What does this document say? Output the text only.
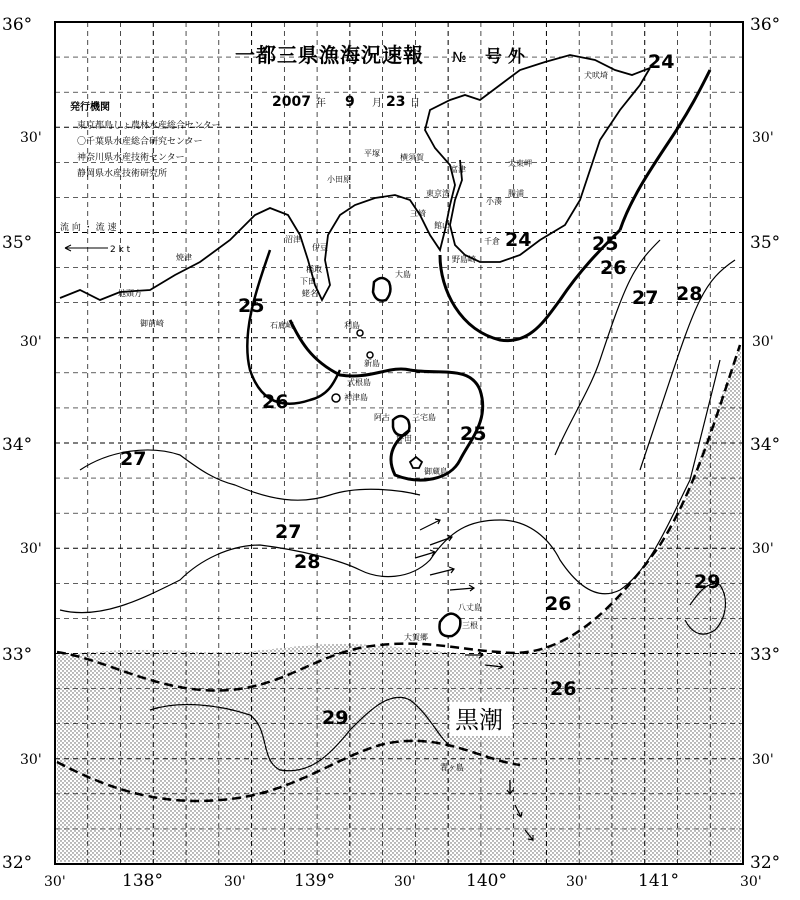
一都三県漁海況速報 № 号 外
2007 年 9 月 23 日
発行機関
東京都島しょ農林水産総合センター
〇千葉県水産総合研究センター
神奈川県水産技術センター
静岡県水産技術研究所
流 向 ・ 流 速
2 k t
黒潮
24
24	25
25
25
26
26
26
26
27
27
27
28
28
29
29
犬吠埼
太東岬
勝浦
小湊
富津
横須賀
平塚
小田原
東京湾
三崎
館山
千倉
野島崎
沼津
伊豆
稲取
下田
蛯名
御前崎
地頭方
焼津
石廊崎
大島
利島
新島
式根島
神津島
三宅島
御蔵島
坪田
阿古
八丈島
三根
大賀郷
青ヶ島
36°
30'
35°
30'
34°
30'
33°
30'
32°
36°
30'
35°
30'
34°
30'
33°
30'
32°
30'	138°	30'	139°	30'	140°	30'	141°	30'
